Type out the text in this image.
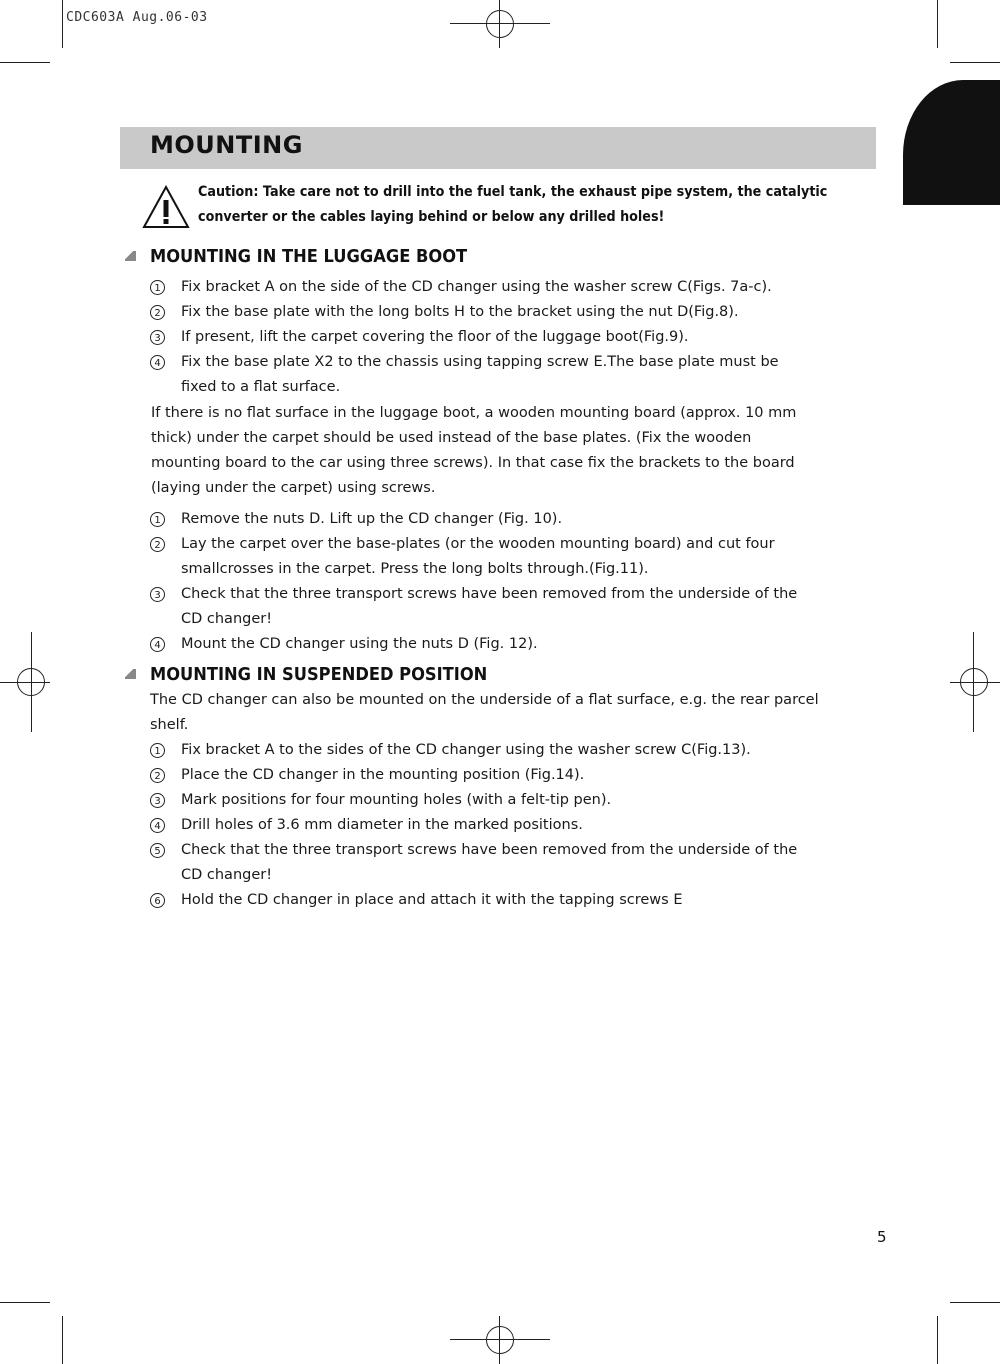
CDC603A Aug.06-03
MOUNTING
Caution: Take care not to drill into the fuel tank, the exhaust pipe system, the catalytic
converter or the cables laying behind or below any drilled holes!
MOUNTING IN THE LUGGAGE BOOT
1 Fix bracket A on the side of the CD changer using the washer screw C(Figs. 7a-c).
2 Fix the base plate with the long bolts H to the bracket using the nut D(Fig.8).
3 If present, lift the carpet covering the floor of the luggage boot(Fig.9).
4 Fix the base plate X2 to the chassis using tapping screw E.The base plate must be
fixed to a flat surface.
If there is no flat surface in the luggage boot, a wooden mounting board (approx. 10 mm
thick) under the carpet should be used instead of the base plates. (Fix the wooden
mounting board to the car using three screws). In that case fix the brackets to the board
(laying under the carpet) using screws.
1 Remove the nuts D. Lift up the CD changer (Fig. 10).
2 Lay the carpet over the base-plates (or the wooden mounting board) and cut four
smallcrosses in the carpet. Press the long bolts through.(Fig.11).
3 Check that the three transport screws have been removed from the underside of the
CD changer!
4 Mount the CD changer using the nuts D (Fig. 12).
MOUNTING IN SUSPENDED POSITION
The CD changer can also be mounted on the underside of a flat surface, e.g. the rear parcel
shelf.
1 Fix bracket A to the sides of the CD changer using the washer screw C(Fig.13).
2 Place the CD changer in the mounting position (Fig.14).
3 Mark positions for four mounting holes (with a felt-tip pen).
4 Drill holes of 3.6 mm diameter in the marked positions.
5 Check that the three transport screws have been removed from the underside of the
CD changer!
6 Hold the CD changer in place and attach it with the tapping screws E
5
